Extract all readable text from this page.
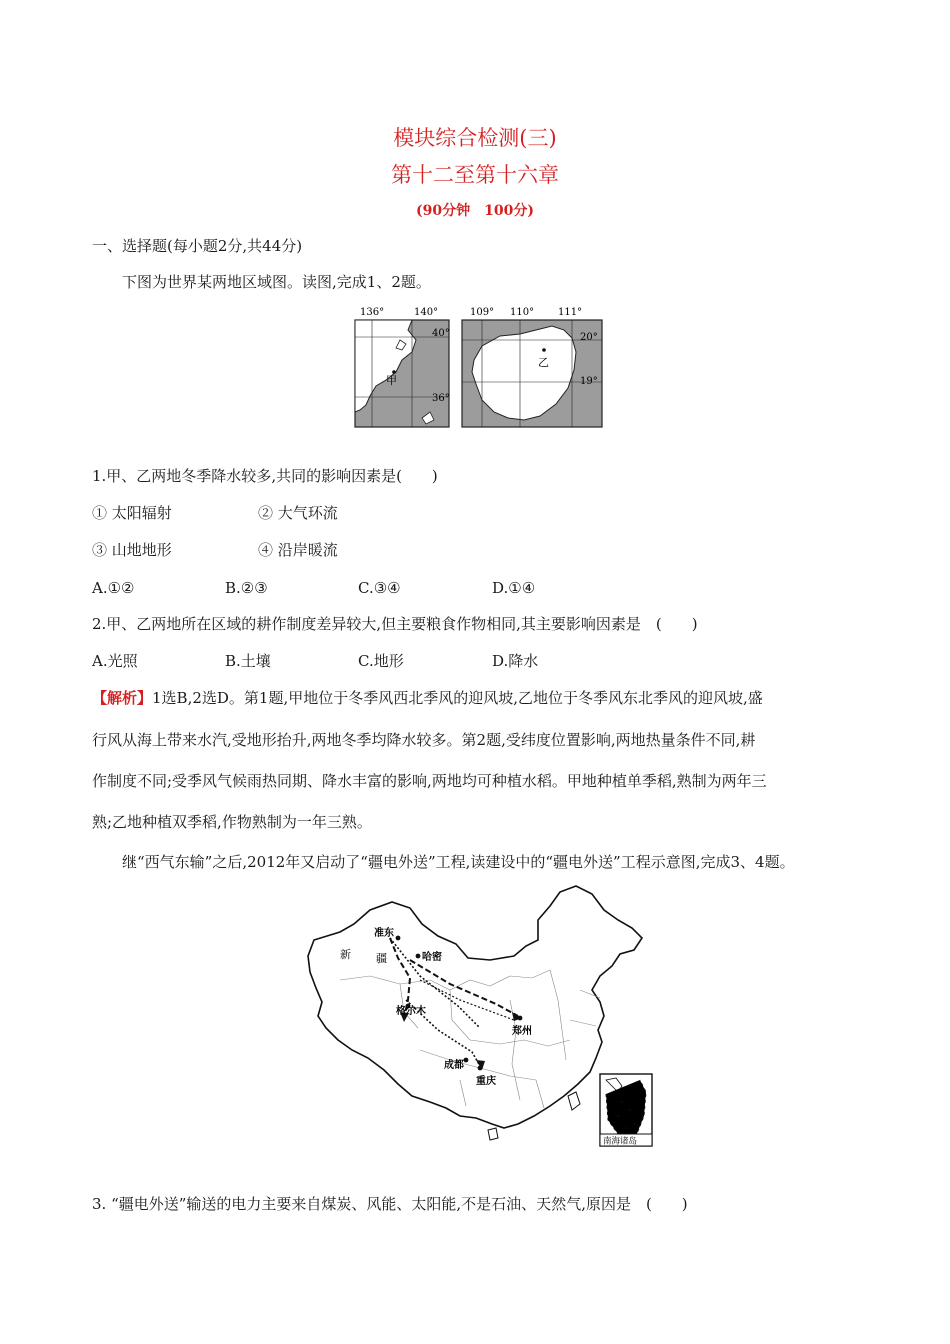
模块综合检测(三)
第十二至第十六章
(90分钟　100分)
一、选择题(每小题2分,共44分)
下图为世界某两地区域图。读图,完成1、2题。
136°	140°
40°
36°
甲
109° 110° 111°
20°
19°
乙
1.甲、乙两地冬季降水较多,共同的影响因素是(　　)
① 太阳辐射	② 大气环流
③ 山地地形	④ 沿岸暖流
A.①②	B.②③	C.③④	D.①④
2.甲、乙两地所在区域的耕作制度差异较大,但主要粮食作物相同,其主要影响因素是　(　　)
A.光照	B.土壤	C.地形	D.降水
【解析】1选B,2选D。第1题,甲地位于冬季风西北季风的迎风坡,乙地位于冬季风东北季风的迎风坡,盛
行风从海上带来水汽,受地形抬升,两地冬季均降水较多。第2题,受纬度位置影响,两地热量条件不同,耕
作制度不同;受季风气候雨热同期、降水丰富的影响,两地均可种植水稻。甲地种植单季稻,熟制为两年三
熟;乙地种植双季稻,作物熟制为一年三熟。
继“西气东输”之后,2012年又启动了“疆电外送”工程,读建设中的“疆电外送”工程示意图,完成3、4题。
准东
新 疆	哈密
格尔木
郑州
成都
重庆
南海诸岛
3. “疆电外送”输送的电力主要来自煤炭、风能、太阳能,不是石油、天然气,原因是　(　　)
